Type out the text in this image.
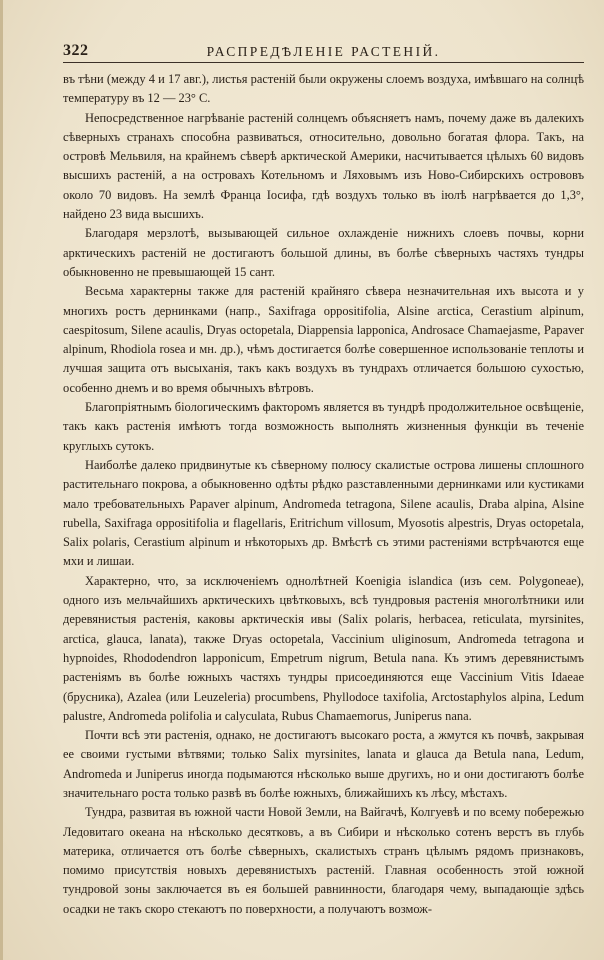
322	РАСПРЕДѢЛЕНІЕ РАСТЕНІЙ.

въ тѣни (между 4 и 17 авг.), листья растеній были окружены слоемъ воздуха, имѣвшаго на солнцѣ температуру въ 12 — 23° С.

Непосредственное нагрѣваніе растеній солнцемъ объясняетъ намъ, почему даже въ далекихъ сѣверныхъ странахъ способна развиваться, относительно, довольно богатая флора. Такъ, на островѣ Мельвиля, на крайнемъ сѣверѣ арктической Америки, насчитывается цѣлыхъ 60 видовъ высшихъ растеній, а на островахъ Котельномъ и Ляховымъ изъ Ново-Сибирскихъ острововъ около 70 видовъ. На землѣ Франца Іосифа, гдѣ воздухъ только въ іюлѣ нагрѣвается до 1,3°, найдено 23 вида высшихъ.

Благодаря мерзлотѣ, вызывающей сильное охлажденіе нижнихъ слоевъ почвы, корни арктическихъ растеній не достигаютъ большой длины, въ болѣе сѣверныхъ частяхъ тундры обыкновенно не превышающей 15 сант.

Весьма характерны также для растеній крайняго сѣвера незначительная ихъ высота и у многихъ ростъ дернинками (напр., Saxifraga oppositifolia, Alsine arctica, Cerastium alpinum, caespitosum, Silene acaulis, Dryas octopetala, Diappensia lapponica, Androsace Chamaejasme, Papaver alpinum, Rhodiola rosea и мн. др.), чѣмъ достигается болѣе совершенное использованіе теплоты и лучшая защита отъ высыханія, такъ какъ воздухъ въ тундрахъ отличается большою сухостью, особенно днемъ и во время обычныхъ вѣтровъ.

Благопріятнымъ біологическимъ факторомъ является въ тундрѣ продолжительное освѣщеніе, такъ какъ растенія имѣютъ тогда возможность выполнять жизненныя функціи въ теченіе круглыхъ сутокъ.

Наиболѣе далеко придвинутые къ сѣверному полюсу скалистые острова лишены сплошного растительнаго покрова, а обыкновенно одѣты рѣдко разставленными дернинками или кустиками мало требовательныхъ Papaver alpinum, Andromeda tetragona, Silene acaulis, Draba alpina, Alsine rubella, Saxifraga oppositifolia и flagellaris, Eritrichum villosum, Myosotis alpestris, Dryas octopetala, Salix polaris, Cerastium alpinum и нѣкоторыхъ др. Вмѣстѣ съ этими растеніями встрѣчаются еще мхи и лишаи.

Характерно, что, за исключеніемъ однолѣтней Koenigia islandica (изъ сем. Polygoneae), одного изъ мельчайшихъ арктическихъ цвѣтковыхъ, всѣ тундровыя растенія многолѣтники или деревянистыя растенія, каковы арктическія ивы (Salix polaris, herbacea, reticulata, myrsinites, arctica, glauca, lanata), также Dryas octopetala, Vaccinium uliginosum, Andromeda tetragona и hypnoides, Rhododendron lapponicum, Empetrum nigrum, Betula nana. Къ этимъ деревянистымъ растеніямъ въ болѣе южныхъ частяхъ тундры присоединяются еще Vaccinium Vitis Idaeae (брусника), Azalea (или Leuzeleria) procumbens, Phyllodoce taxifolia, Arctostaphylos alpina, Ledum palustre, Andromeda polifolia и calyculata, Rubus Chamaemorus, Juniperus nana.

Почти всѣ эти растенія, однако, не достигаютъ высокаго роста, а жмутся къ почвѣ, закрывая ее своими густыми вѣтвями; только Salix myrsinites, lanata и glauca да Betula nana, Ledum, Andromeda и Juniperus иногда подымаются нѣсколько выше другихъ, но и они достигаютъ болѣе значительнаго роста только развѣ въ болѣе южныхъ, ближайшихъ къ лѣсу, мѣстахъ.

Тундра, развитая въ южной части Новой Земли, на Вайгачѣ, Колгуевѣ и по всему побережью Ледовитаго океана на нѣсколько десятковъ, а въ Сибири и нѣсколько сотенъ верстъ въ глубь материка, отличается отъ болѣе сѣверныхъ, скалистыхъ странъ цѣлымъ рядомъ признаковъ, помимо присутствія новыхъ деревянистыхъ растеній. Главная особенность этой южной тундровой зоны заключается въ ея большей равнинности, благодаря чему, выпадающіе здѣсь осадки не такъ скоро стекаютъ по поверхности, а получаютъ возмож-
